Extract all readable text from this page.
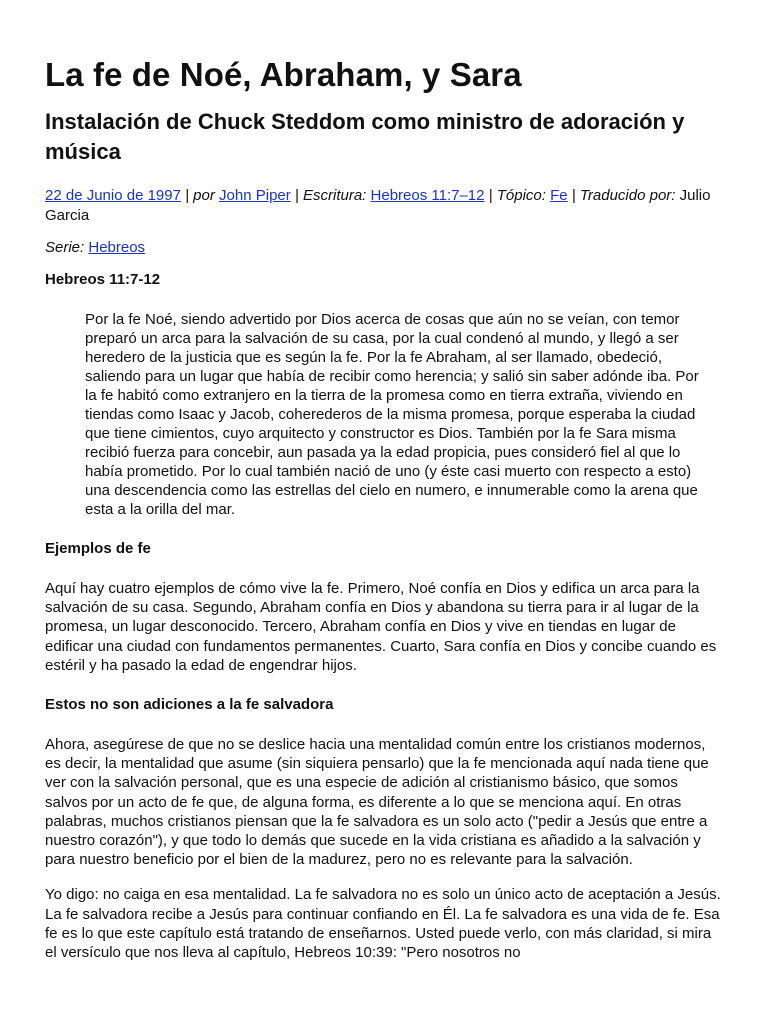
La fe de Noé, Abraham, y Sara
Instalación de Chuck Steddom como ministro de adoración y música
22 de Junio de 1997 | por John Piper | Escritura: Hebreos 11:7–12 | Tópico: Fe | Traducido por: Julio Garcia
Serie: Hebreos
Hebreos 11:7-12
Por la fe Noé, siendo advertido por Dios acerca de cosas que aún no se veían, con temor preparó un arca para la salvación de su casa, por la cual condenó al mundo, y llegó a ser heredero de la justicia que es según la fe. Por la fe Abraham, al ser llamado, obedeció, saliendo para un lugar que había de recibir como herencia; y salió sin saber adónde iba. Por la fe habitó como extranjero en la tierra de la promesa como en tierra extraña, viviendo en tiendas como Isaac y Jacob, coherederos de la misma promesa, porque esperaba la ciudad que tiene cimientos, cuyo arquitecto y constructor es Dios. También por la fe Sara misma recibió fuerza para concebir, aun pasada ya la edad propicia, pues consideró fiel al que lo había prometido. Por lo cual también nació de uno (y éste casi muerto con respecto a esto) una descendencia como las estrellas del cielo en numero, e innumerable como la arena que esta a la orilla del mar.
Ejemplos de fe
Aquí hay cuatro ejemplos de cómo vive la fe. Primero, Noé confía en Dios y edifica un arca para la salvación de su casa. Segundo, Abraham confía en Dios y abandona su tierra para ir al lugar de la promesa, un lugar desconocido. Tercero, Abraham confía en Dios y vive en tiendas en lugar de edificar una ciudad con fundamentos permanentes. Cuarto, Sara confía en Dios y concibe cuando es estéril y ha pasado la edad de engendrar hijos.
Estos no son adiciones a la fe salvadora
Ahora, asegúrese de que no se deslice hacia una mentalidad común entre los cristianos modernos, es decir, la mentalidad que asume (sin siquiera pensarlo) que la fe mencionada aquí nada tiene que ver con la salvación personal, que es una especie de adición al cristianismo básico, que somos salvos por un acto de fe que, de alguna forma, es diferente a lo que se menciona aquí. En otras palabras, muchos cristianos piensan que la fe salvadora es un solo acto ("pedir a Jesús que entre a nuestro corazón"), y que todo lo demás que sucede en la vida cristiana es añadido a la salvación y para nuestro beneficio por el bien de la madurez, pero no es relevante para la salvación.
Yo digo: no caiga en esa mentalidad. La fe salvadora no es solo un único acto de aceptación a Jesús. La fe salvadora recibe a Jesús para continuar confiando en Él. La fe salvadora es una vida de fe. Esa fe es lo que este capítulo está tratando de enseñarnos. Usted puede verlo, con más claridad, si mira el versículo que nos lleva al capítulo, Hebreos 10:39: "Pero nosotros no
